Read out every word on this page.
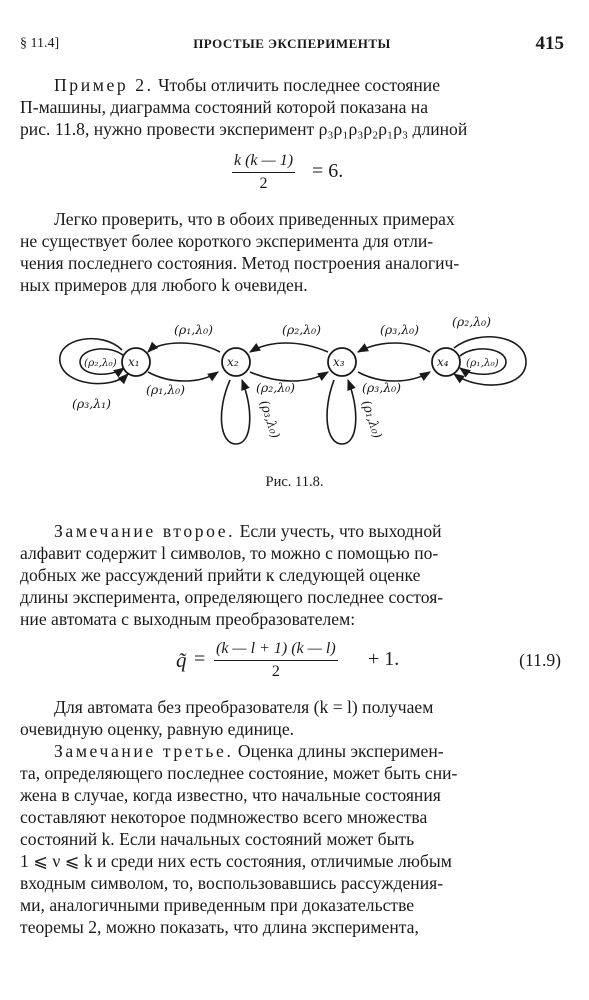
§ 11.4]	ПРОСТЫЕ ЭКСПЕРИМЕНТЫ	415
Пример 2. Чтобы отличить последнее состояние
П-машины, диаграмма состояний которой показана на
рис. 11.8, нужно провести эксперимент ρ₃ρ₁ρ₃ρ₂ρ₁ρ₃ длиной
$\frac{k (k — 1)}{2} = 6$.
Легко проверить, что в обоих приведенных примерах
не существует более короткого эксперимента для отли-
чения последнего состояния. Метод построения аналогич-
ных примеров для любого k очевиден.
x₁	x₂	x₃	x₄
(ρ₂,λ₀)
(ρ₃,λ₁)
(ρ₁,λ₀)
(ρ₁,λ₀)
(ρ₂,λ₀)
(ρ₂,λ₀)
(ρ₃,λ₀)	(ρ₁,λ₀)
(ρ₃,λ₀)
(ρ₃,λ₀)
(ρ₂,λ₀)
(ρ₁,λ₀)
Рис. 11.8.
Замечание второе. Если учесть, что выходной
алфавит содержит l символов, то можно с помощью по-
добных же рассуждений прийти к следующей оценке
длины эксперимента, определяющего последнее состоя-
ние автомата с выходным преобразователем:
q̃ = $\frac{(k — l + 1) (k — l)}{2} + 1$.	(11.9)
Для автомата без преобразователя (k = l) получаем
очевидную оценку, равную единице.
Замечание третье. Оценка длины эксперимен-
та, определяющего последнее состояние, может быть сни-
жена в случае, когда известно, что начальные состояния
составляют некоторое подмножество всего множества
состояний k. Если начальных состояний может быть
1 ⩽ ν ⩽ k и среди них есть состояния, отличимые любым
входным символом, то, воспользовавшись рассуждения-
ми, аналогичными приведенным при доказательстве
теоремы 2, можно показать, что длина эксперимента,
